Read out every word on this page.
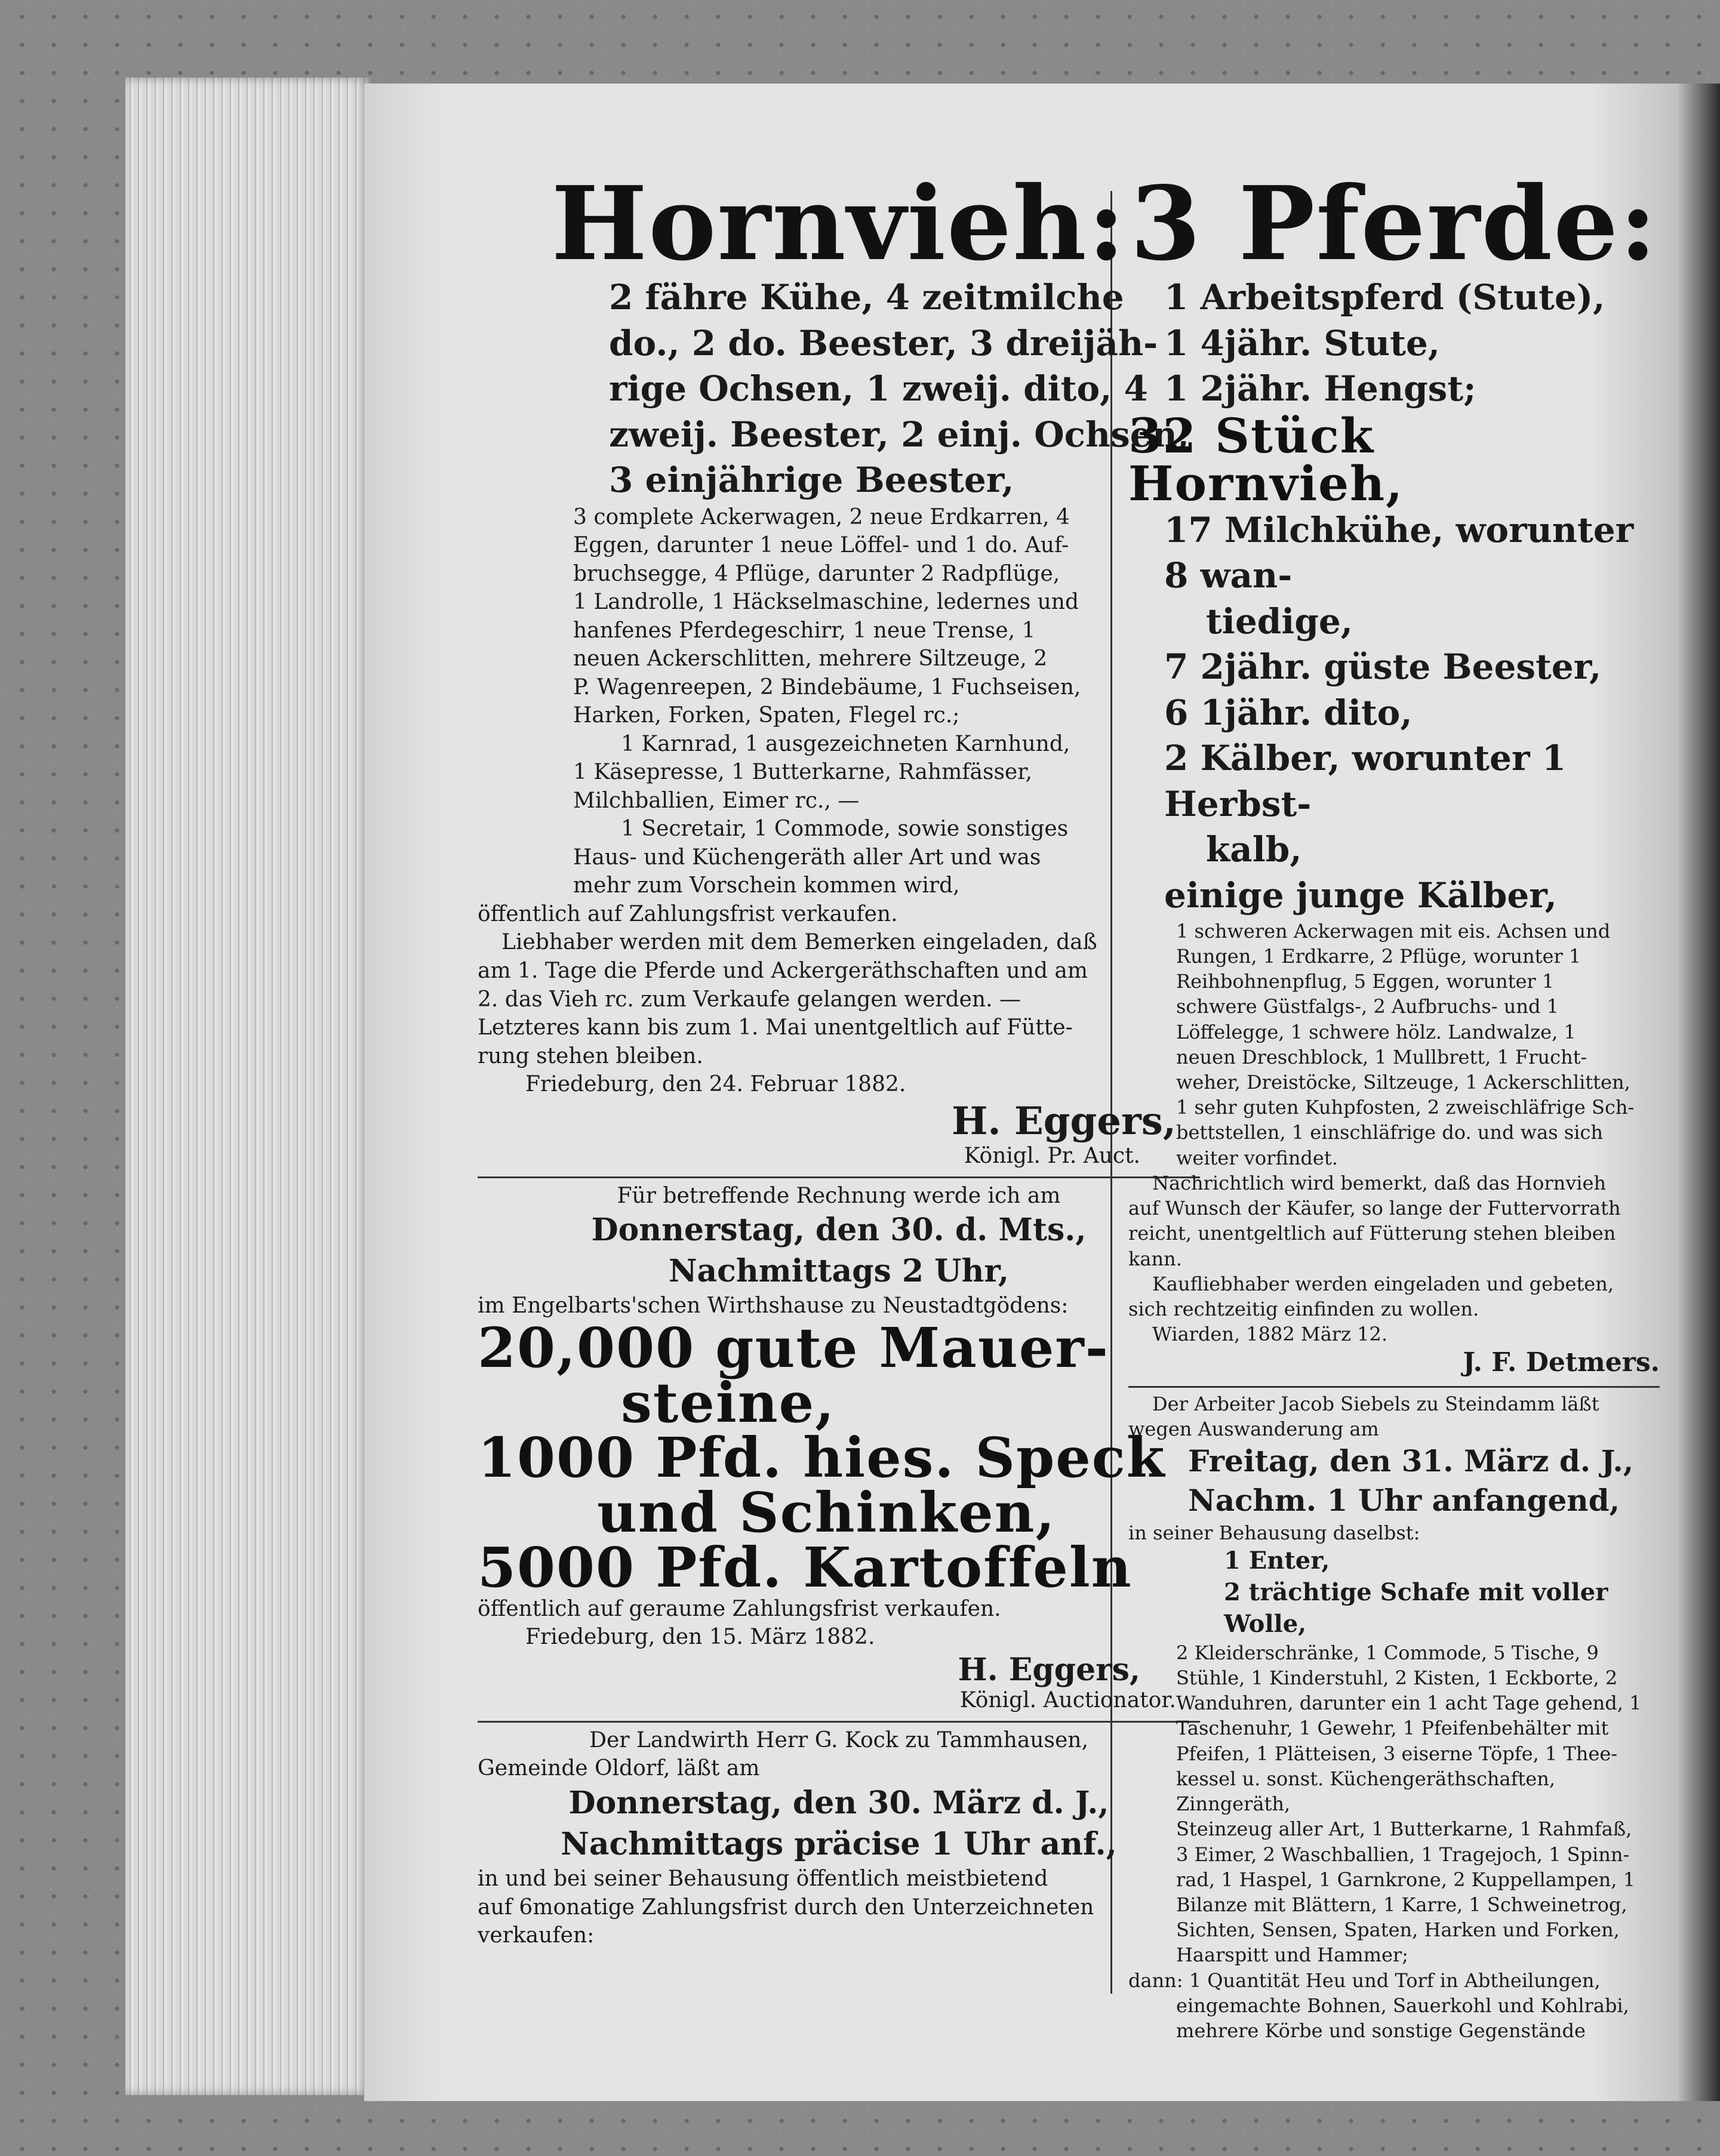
Hornvieh:
2 fähre Kühe, 4 zeitmilche
do., 2 do. Beester, 3 dreijäh-
rige Ochsen, 1 zweij. dito, 4
zweij. Beester, 2 einj. Ochsen,
3 einjährige Beester,
3 complete Ackerwagen, 2 neue Erdkarren, 4
Eggen, darunter 1 neue Löffel- und 1 do. Auf-
bruchsegge, 4 Pflüge, darunter 2 Radpflüge,
1 Landrolle, 1 Häckselmaschine, ledernes und
hanfenes Pferdegeschirr, 1 neue Trense, 1
neuen Ackerschlitten, mehrere Siltzeuge, 2
P. Wagenreepen, 2 Bindebäume, 1 Fuchseisen,
Harken, Forken, Spaten, Flegel rc.;
1 Karnrad, 1 ausgezeichneten Karnhund,
1 Käsepresse, 1 Butterkarne, Rahmfässer,
Milchballien, Eimer rc., —
1 Secretair, 1 Commode, sowie sonstiges
Haus- und Küchengeräth aller Art und was
mehr zum Vorschein kommen wird,
öffentlich auf Zahlungsfrist verkaufen.
Liebhaber werden mit dem Bemerken eingeladen, daß
am 1. Tage die Pferde und Ackergeräthschaften und am
2. das Vieh rc. zum Verkaufe gelangen werden. —
Letzteres kann bis zum 1. Mai unentgeltlich auf Fütte-
rung stehen bleiben.
Friedeburg, den 24. Februar 1882.
H. Eggers,
Königl. Pr. Auct.
Für betreffende Rechnung werde ich am
Donnerstag, den 30. d. Mts.,
Nachmittags 2 Uhr,
im Engelbarts'schen Wirthshause zu Neustadtgödens:
20,000 gute Mauer-
steine,
1000 Pfd. hies. Speck
und Schinken,
5000 Pfd. Kartoffeln
öffentlich auf geraume Zahlungsfrist verkaufen.
Friedeburg, den 15. März 1882.
H. Eggers,
Königl. Auctionator.
Der Landwirth Herr G. Kock zu Tammhausen,
Gemeinde Oldorf, läßt am
Donnerstag, den 30. März d. J.,
Nachmittags präcise 1 Uhr anf.,
in und bei seiner Behausung öffentlich meistbietend
auf 6monatige Zahlungsfrist durch den Unterzeichneten
verkaufen:
3 Pferde:
1 Arbeitspferd (Stute),
1 4jähr. Stute,
1 2jähr. Hengst;
32 Stück Hornvieh,
17 Milchkühe, worunter 8 wan-
tiedige,
7 2jähr. güste Beester,
6 1jähr. dito,
2 Kälber, worunter 1 Herbst-
kalb,
einige junge Kälber,
1 schweren Ackerwagen mit eis. Achsen und
Rungen, 1 Erdkarre, 2 Pflüge, worunter 1
Reihbohnenpflug, 5 Eggen, worunter 1
schwere Güstfalgs-, 2 Aufbruchs- und 1
Löffelegge, 1 schwere hölz. Landwalze, 1
neuen Dreschblock, 1 Mullbrett, 1 Frucht-
weher, Dreistöcke, Siltzeuge, 1 Ackerschlitten,
1 sehr guten Kuhpfosten, 2 zweischläfrige Sch-
bettstellen, 1 einschläfrige do. und was sich
weiter vorfindet.
Nachrichtlich wird bemerkt, daß das Hornvieh
auf Wunsch der Käufer, so lange der Futtervorrath
reicht, unentgeltlich auf Fütterung stehen bleiben
kann.
Kaufliebhaber werden eingeladen und gebeten,
sich rechtzeitig einfinden zu wollen.
Wiarden, 1882 März 12.
J. F. Detmers.
Der Arbeiter Jacob Siebels zu Steindamm läßt
wegen Auswanderung am
Freitag, den 31. März d. J.,
Nachm. 1 Uhr anfangend,
in seiner Behausung daselbst:
1 Enter,
2 trächtige Schafe mit voller Wolle,
2 Kleiderschränke, 1 Commode, 5 Tische, 9
Stühle, 1 Kinderstuhl, 2 Kisten, 1 Eckborte, 2
Wanduhren, darunter ein 1 acht Tage gehend, 1
Taschenuhr, 1 Gewehr, 1 Pfeifenbehälter mit
Pfeifen, 1 Plätteisen, 3 eiserne Töpfe, 1 Thee-
kessel u. sonst. Küchengeräthschaften, Zinngeräth,
Steinzeug aller Art, 1 Butterkarne, 1 Rahmfaß,
3 Eimer, 2 Waschballien, 1 Tragejoch, 1 Spinn-
rad, 1 Haspel, 1 Garnkrone, 2 Kuppellampen, 1
Bilanze mit Blättern, 1 Karre, 1 Schweinetrog,
Sichten, Sensen, Spaten, Harken und Forken,
Haarspitt und Hammer;
dann: 1 Quantität Heu und Torf in Abtheilungen,
eingemachte Bohnen, Sauerkohl und Kohlrabi,
mehrere Körbe und sonstige Gegenstände
